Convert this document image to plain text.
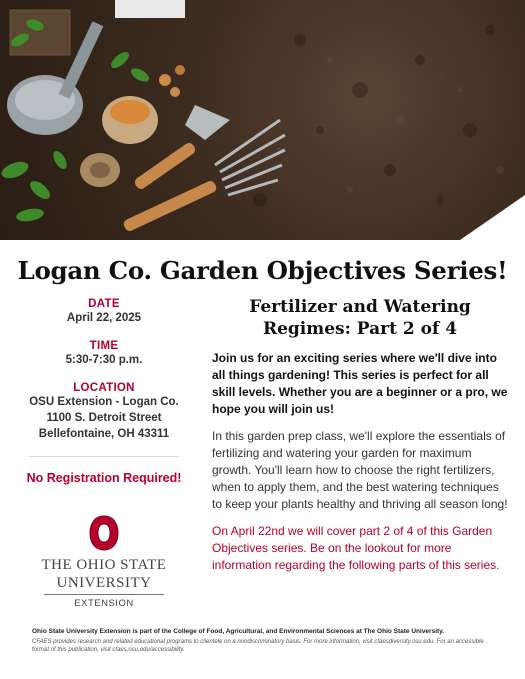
Logan Co. Garden Objectives Series!
DATE
April 22, 2025
TIME
5:30-7:30 p.m.
LOCATION
OSU Extension - Logan Co.
1100 S. Detroit Street
Bellefontaine, OH 43311
No Registration Required!
THE OHIO STATE
UNIVERSITY
EXTENSION
Fertilizer and Watering Regimes: Part 2 of 4
Join us for an exciting series where we'll dive into all things gardening! This series is perfect for all skill levels. Whether you are a beginner or a pro, we hope you will join us!
In this garden prep class, we'll explore the essentials of fertilizing and watering your garden for maximum growth. You'll learn how to choose the right fertilizers, when to apply them, and the best watering techniques to keep your plants healthy and thriving all season long!
On April 22nd we will cover part 2 of 4 of this Garden Objectives series. Be on the lookout for more information regarding the following parts of this series.
Ohio State University Extension is part of the College of Food, Agricultural, and Environmental Sciences at The Ohio State University.
CFAES provides research and related educational programs to clientele on a nondiscriminatory basis. For more information, visit cfaesdiversity.osu.edu. For an accessible format of this publication, visit cfaes.osu.edu/accessibility.
